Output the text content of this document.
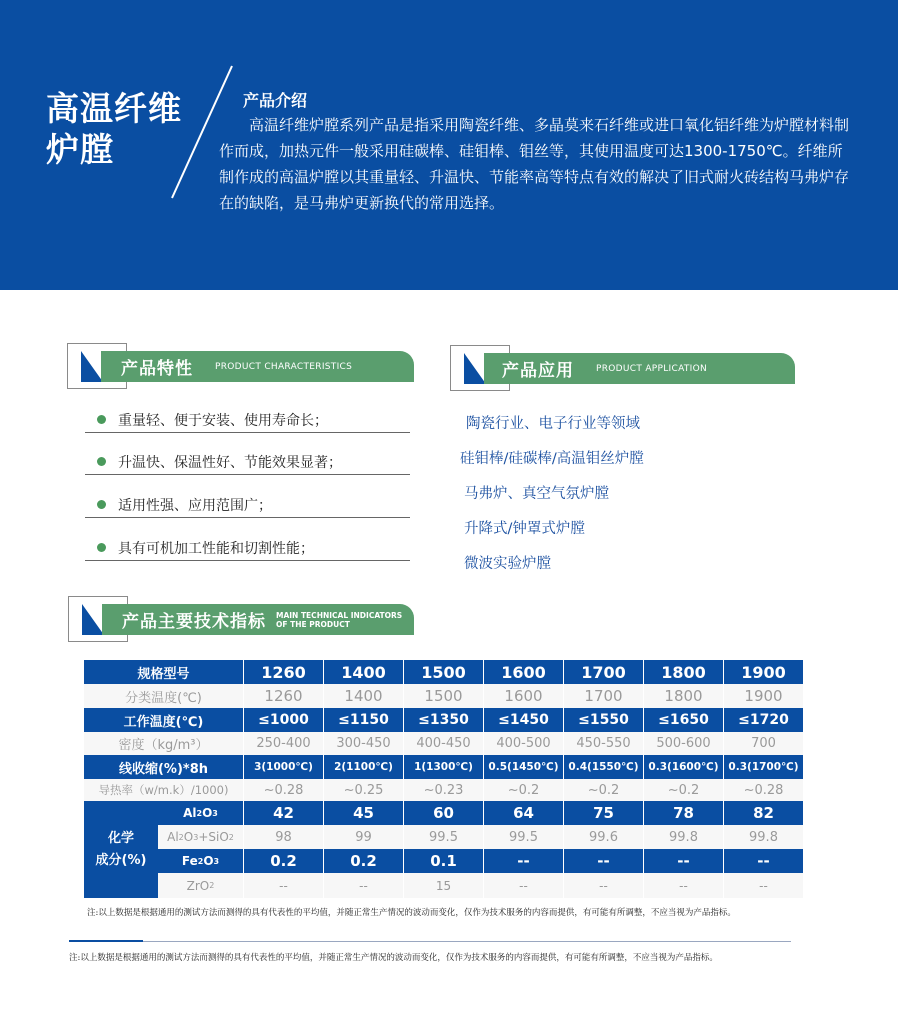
高温纤维
炉膛
产品介绍
高温纤维炉膛系列产品是指采用陶瓷纤维、多晶莫来石纤维或进口氧化铝纤维为炉膛材料制作而成，加热元件一般采用硅碳棒、硅钼棒、钼丝等，其使用温度可达1300-1750℃。纤维所制作成的高温炉膛以其重量轻、升温快、节能率高等特点有效的解决了旧式耐火砖结构马弗炉存在的缺陷，是马弗炉更新换代的常用选择。
产品特性 PRODUCT CHARACTERISTICS	产品应用 PRODUCT APPLICATION
重量轻、便于安装、使用寿命长；
升温快、保温性好、节能效果显著；
适用性强、应用范围广；
具有可机加工性能和切割性能；
陶瓷行业、电子行业等领域
硅钼棒/硅碳棒/高温钼丝炉膛
马弗炉、真空气氛炉膛
升降式/钟罩式炉膛
微波实验炉膛
产品主要技术指标 MAIN TECHNICAL INDICATORS
OF THE PRODUCT
规格型号	1260	1400	1500	1600	1700	1800	1900
分类温度(℃)	1260	1400	1500	1600	1700	1800	1900
工作温度(℃)	≤1000	≤1150	≤1350	≤1450	≤1550	≤1650	≤1720
密度（kg/m³）	250-400	300-450	400-450	400-500	450-550	500-600	700
线收缩(%)*8h	3(1000℃)	2(1100℃)	1(1300℃)	0.5(1450℃) 0.4(1550℃) 0.3(1600℃) 0.3(1700℃)
导热率（w/m.k）/1000)	~0.28	~0.25	~0.23	~0.2	~0.2	~0.2	~0.28
Al 2 O 3	42	45	60	64	75	78	82
Al 2 O 3 +SiO 2	98	99	99.5	99.5	99.6	99.8	99.8
Fe 2 O 3	0.2	0.2	0.1	--	--	--	--
ZrO 2	--	--	15	--	--	--	--
化学
成分(%)
注:以上数据是根据通用的测试方法而测得的具有代表性的平均值，并随正常生产情况的波动而变化，仅作为技术服务的内容而提供，有可能有所调整，不应当视为产品指标。
注:以上数据是根据通用的测试方法而测得的具有代表性的平均值，并随正常生产情况的波动而变化，仅作为技术服务的内容而提供，有可能有所调整，不应当视为产品指标。
